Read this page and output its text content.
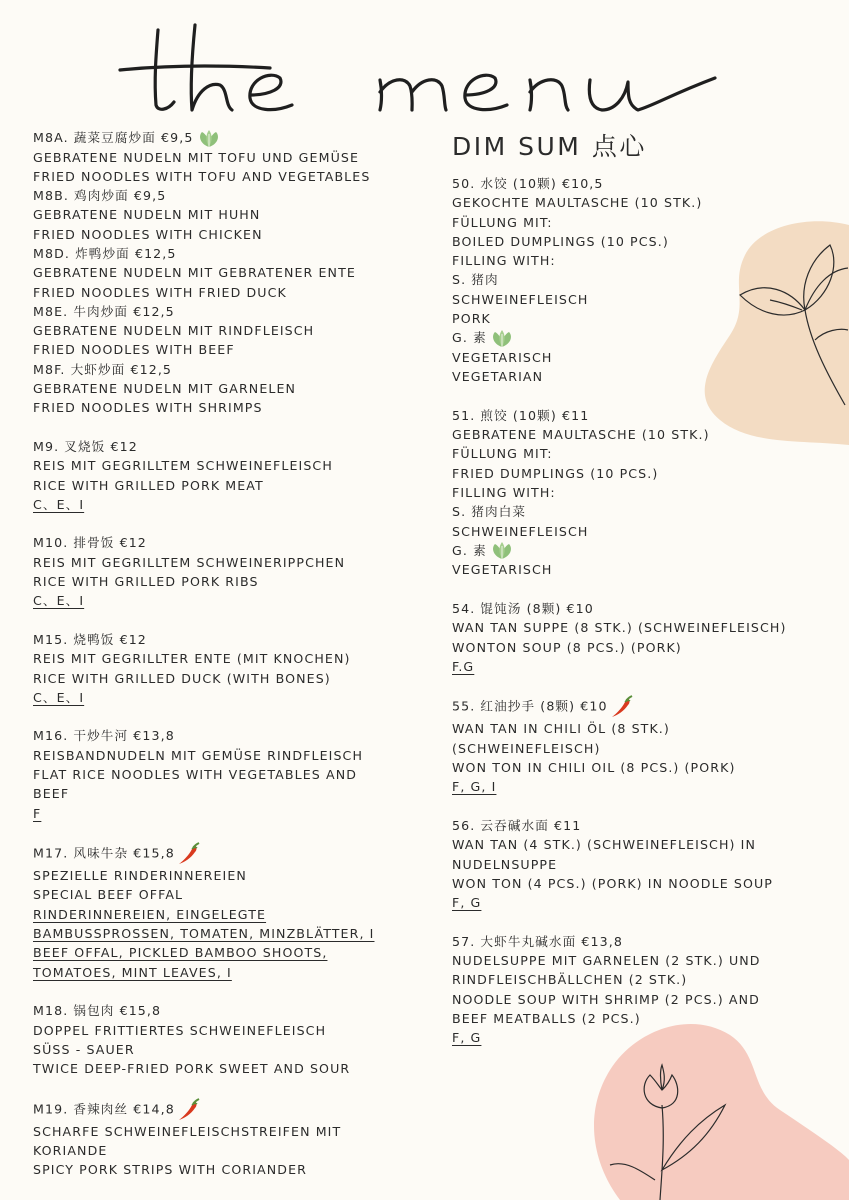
M8A. 蔬菜豆腐炒面 €9,5
GEBRATENE NUDELN MIT TOFU UND GEMÜSE
FRIED NOODLES WITH TOFU AND VEGETABLES
M8B. 鸡肉炒面 €9,5
GEBRATENE NUDELN MIT HUHN
FRIED NOODLES WITH CHICKEN
M8D. 炸鸭炒面 €12,5
GEBRATENE NUDELN MIT GEBRATENER ENTE
FRIED NOODLES WITH FRIED DUCK
M8E. 牛肉炒面 €12,5
GEBRATENE NUDELN MIT RINDFLEISCH
FRIED NOODLES WITH BEEF
M8F. 大虾炒面 €12,5
GEBRATENE NUDELN MIT GARNELEN
FRIED NOODLES WITH SHRIMPS
M9. 叉烧饭 €12
REIS MIT GEGRILLTEM SCHWEINEFLEISCH
RICE WITH GRILLED PORK MEAT
C、E、I
M10. 排骨饭 €12
REIS MIT GEGRILLTEM SCHWEINERIPPCHEN
RICE WITH GRILLED PORK RIBS
C、E、I
M15. 烧鸭饭 €12
REIS MIT GEGRILLTER ENTE (MIT KNOCHEN)
RICE WITH GRILLED DUCK (WITH BONES)
C、E、I
M16. 干炒牛河 €13,8
REISBANDNUDELN MIT GEMÜSE RINDFLEISCH
FLAT RICE NOODLES WITH VEGETABLES AND
BEEF
F
M17. 风味牛杂 €15,8
SPEZIELLE RINDERINNEREIEN
SPECIAL BEEF OFFAL
RINDERINNEREIEN, EINGELEGTE
BAMBUSSPROSSEN, TOMATEN, MINZBLÄTTER, I
BEEF OFFAL, PICKLED BAMBOO SHOOTS,
TOMATOES, MINT LEAVES, I
M18. 锅包肉 €15,8
DOPPEL FRITTIERTES SCHWEINEFLEISCH
SÜSS - SAUER
TWICE DEEP-FRIED PORK SWEET AND SOUR
M19. 香辣肉丝 €14,8
SCHARFE SCHWEINEFLEISCHSTREIFEN MIT
KORIANDE
SPICY PORK STRIPS WITH CORIANDER
DIM SUM 点心
50. 水饺 (10颗) €10,5
GEKOCHTE MAULTASCHE (10 STK.)
FÜLLUNG MIT:
BOILED DUMPLINGS (10 PCS.)
FILLING WITH:
S. 猪肉
SCHWEINEFLEISCH
PORK
G. 素
VEGETARISCH
VEGETARIAN
51. 煎饺 (10颗) €11
GEBRATENE MAULTASCHE (10 STK.)
FÜLLUNG MIT:
FRIED DUMPLINGS (10 PCS.)
FILLING WITH:
S. 猪肉白菜
SCHWEINEFLEISCH
G. 素
VEGETARISCH
54. 馄饨汤 (8颗) €10
WAN TAN SUPPE (8 STK.) (SCHWEINEFLEISCH)
WONTON SOUP (8 PCS.) (PORK)
F.G
55. 红油抄手 (8颗) €10
WAN TAN IN CHILI ÖL (8 STK.)
(SCHWEINEFLEISCH)
WON TON IN CHILI OIL (8 PCS.) (PORK)
F, G, I
56. 云吞碱水面 €11
WAN TAN (4 STK.) (SCHWEINEFLEISCH) IN
NUDELNSUPPE
WON TON (4 PCS.) (PORK) IN NOODLE SOUP
F, G
57. 大虾牛丸碱水面 €13,8
NUDELSUPPE MIT GARNELEN (2 STK.) UND
RINDFLEISCHBÄLLCHEN (2 STK.)
NOODLE SOUP WITH SHRIMP (2 PCS.) AND
BEEF MEATBALLS (2 PCS.)
F, G
